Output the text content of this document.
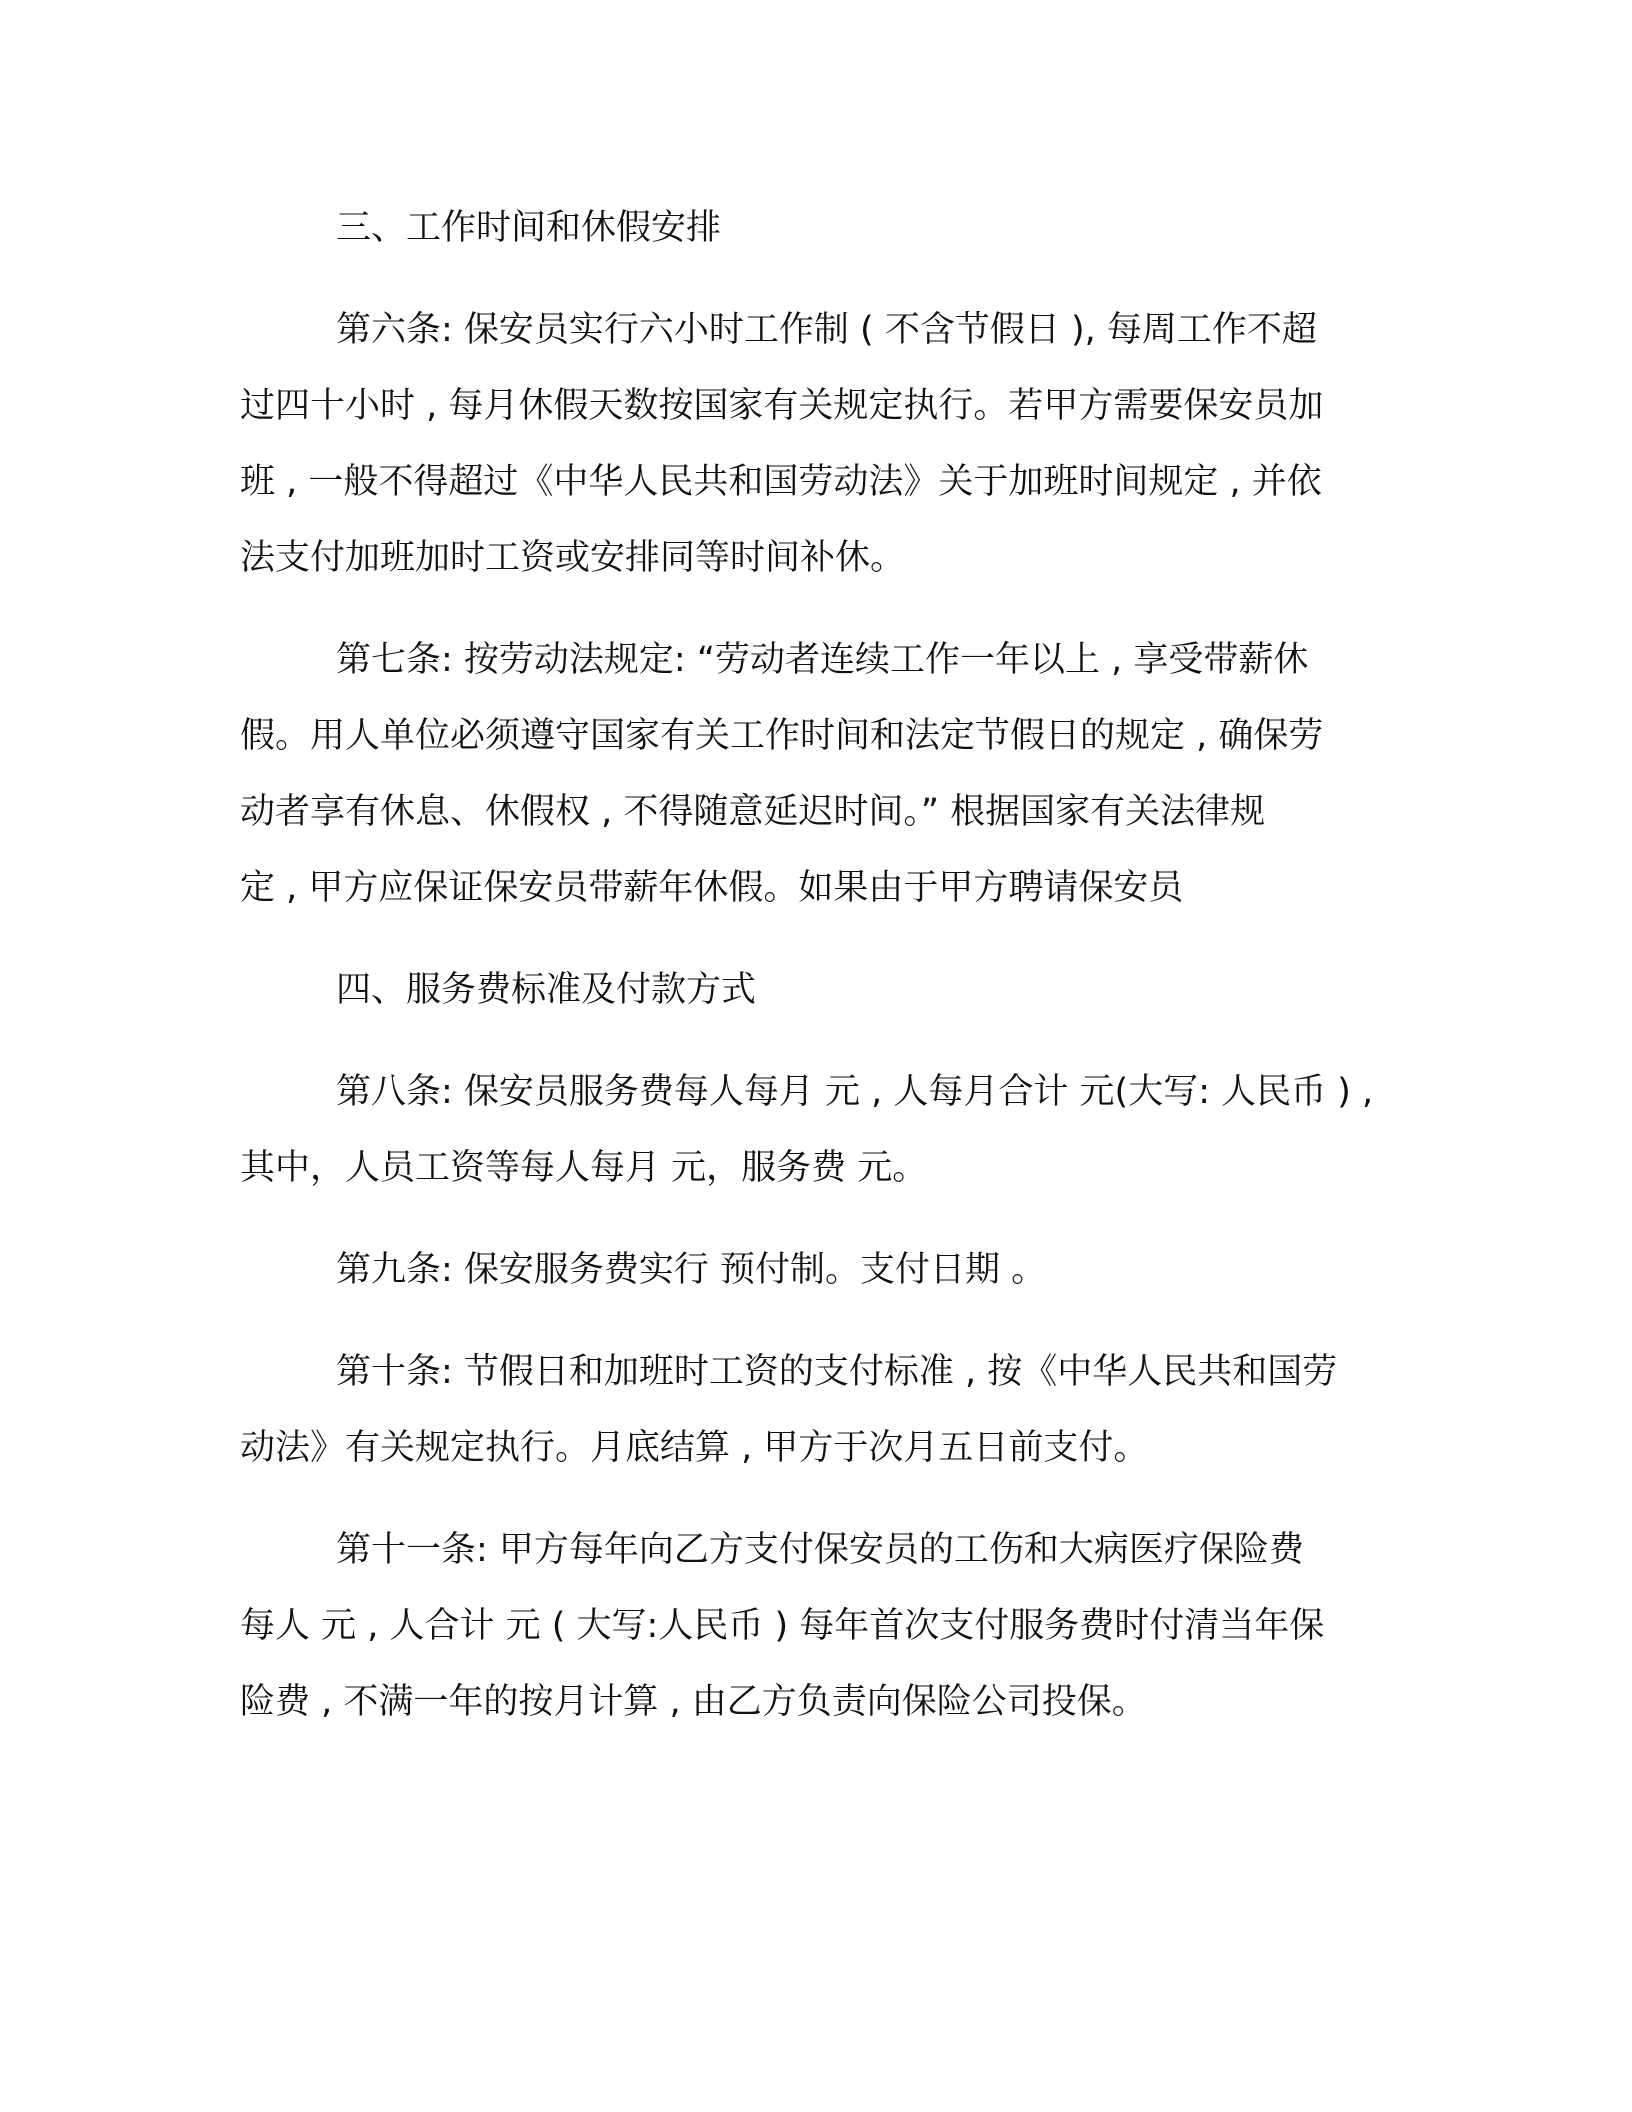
三、工作时间和休假安排
第六条: 保安员实行六小时工作制 ( 不含节假日 ), 每周工作不超
过四十小时 , 每月休假天数按国家有关规定执行。若甲方需要保安员加
班 , 一般不得超过《中华人民共和国劳动法》关于加班时间规定 , 并依
法支付加班加时工资或安排同等时间补休。
第七条: 按劳动法规定: “劳动者连续工作一年以上 , 享受带薪休
假。用人单位必须遵守国家有关工作时间和法定节假日的规定 , 确保劳
动者享有休息、休假权 , 不得随意延迟时间。” 根据国家有关法律规
定 , 甲方应保证保安员带薪年休假。如果由于甲方聘请保安员
四、服务费标准及付款方式
第八条: 保安员服务费每人每月 元 , 人每月合计 元(大写: 人民币 ) ,
其中，人员工资等每人每月 元，服务费 元。
第九条: 保安服务费实行 预付制。支付日期 。
第十条: 节假日和加班时工资的支付标准 , 按《中华人民共和国劳
动法》有关规定执行。月底结算 , 甲方于次月五日前支付。
第十一条: 甲方每年向乙方支付保安员的工伤和大病医疗保险费
每人 元 , 人合计 元 ( 大写:人民币 ) 每年首次支付服务费时付清当年保
险费 , 不满一年的按月计算 , 由乙方负责向保险公司投保。
